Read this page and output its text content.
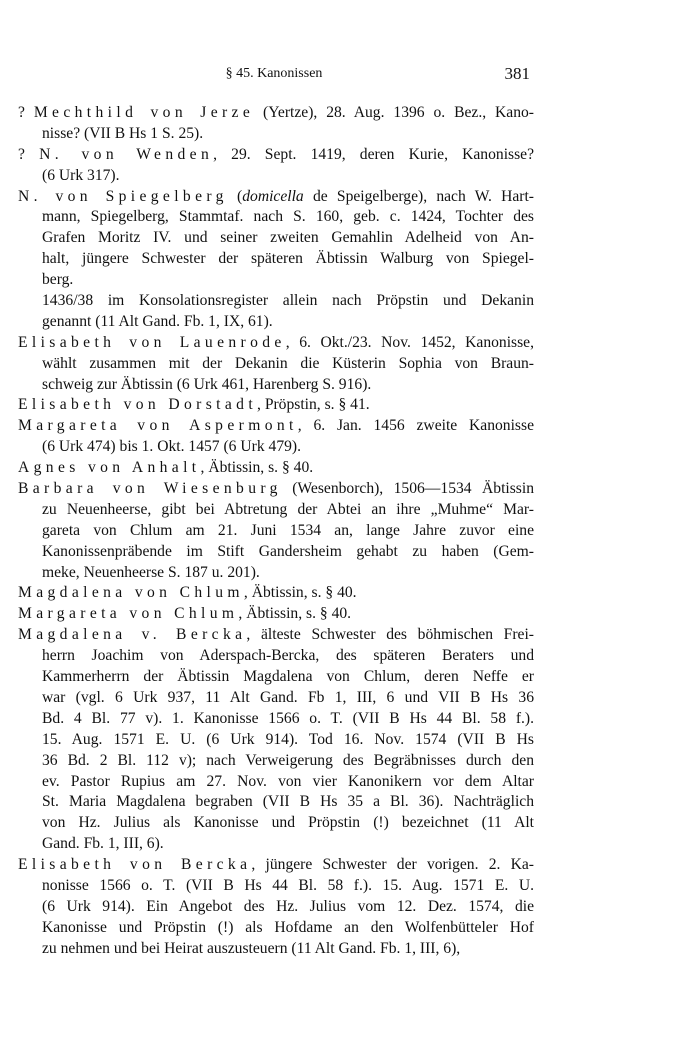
§ 45. Kanonissen	381
? Mechthild von Jerze (Yertze), 28. Aug. 1396 o. Bez., Kano-
nisse? (VII B Hs 1 S. 25).
? N. von Wenden, 29. Sept. 1419, deren Kurie, Kanonisse?
(6 Urk 317).
N. von Spiegelberg (domicella de Speigelberge), nach W. Hart-
mann, Spiegelberg, Stammtaf. nach S. 160, geb. c. 1424, Tochter des
Grafen Moritz IV. und seiner zweiten Gemahlin Adelheid von An-
halt, jüngere Schwester der späteren Äbtissin Walburg von Spiegel-
berg.
1436/38 im Konsolationsregister allein nach Pröpstin und Dekanin
genannt (11 Alt Gand. Fb. 1, IX, 61).
Elisabeth von Lauenrode, 6. Okt./23. Nov. 1452, Kanonisse,
wählt zusammen mit der Dekanin die Küsterin Sophia von Braun-
schweig zur Äbtissin (6 Urk 461, Harenberg S. 916).
Elisabeth von Dorstadt, Pröpstin, s. § 41.
Margareta von Aspermont, 6. Jan. 1456 zweite Kanonisse
(6 Urk 474) bis 1. Okt. 1457 (6 Urk 479).
Agnes von Anhalt, Äbtissin, s. § 40.
Barbara von Wiesenburg (Wesenborch), 1506—1534 Äbtissin
zu Neuenheerse, gibt bei Abtretung der Abtei an ihre „Muhme“ Mar-
gareta von Chlum am 21. Juni 1534 an, lange Jahre zuvor eine
Kanonissenpräbende im Stift Gandersheim gehabt zu haben (Gem-
meke, Neuenheerse S. 187 u. 201).
Magdalena von Chlum, Äbtissin, s. § 40.
Margareta von Chlum, Äbtissin, s. § 40.
Magdalena v. Bercka, älteste Schwester des böhmischen Frei-
herrn Joachim von Aderspach-Bercka, des späteren Beraters und
Kammerherrn der Äbtissin Magdalena von Chlum, deren Neffe er
war (vgl. 6 Urk 937, 11 Alt Gand. Fb 1, III, 6 und VII B Hs 36
Bd. 4 Bl. 77 v). 1. Kanonisse 1566 o. T. (VII B Hs 44 Bl. 58 f.).
15. Aug. 1571 E. U. (6 Urk 914). Tod 16. Nov. 1574 (VII B Hs
36 Bd. 2 Bl. 112 v); nach Verweigerung des Begräbnisses durch den
ev. Pastor Rupius am 27. Nov. von vier Kanonikern vor dem Altar
St. Maria Magdalena begraben (VII B Hs 35 a Bl. 36). Nachträglich
von Hz. Julius als Kanonisse und Pröpstin (!) bezeichnet (11 Alt
Gand. Fb. 1, III, 6).
Elisabeth von Bercka, jüngere Schwester der vorigen. 2. Ka-
nonisse 1566 o. T. (VII B Hs 44 Bl. 58 f.). 15. Aug. 1571 E. U.
(6 Urk 914). Ein Angebot des Hz. Julius vom 12. Dez. 1574, die
Kanonisse und Pröpstin (!) als Hofdame an den Wolfenbütteler Hof
zu nehmen und bei Heirat auszusteuern (11 Alt Gand. Fb. 1, III, 6),
